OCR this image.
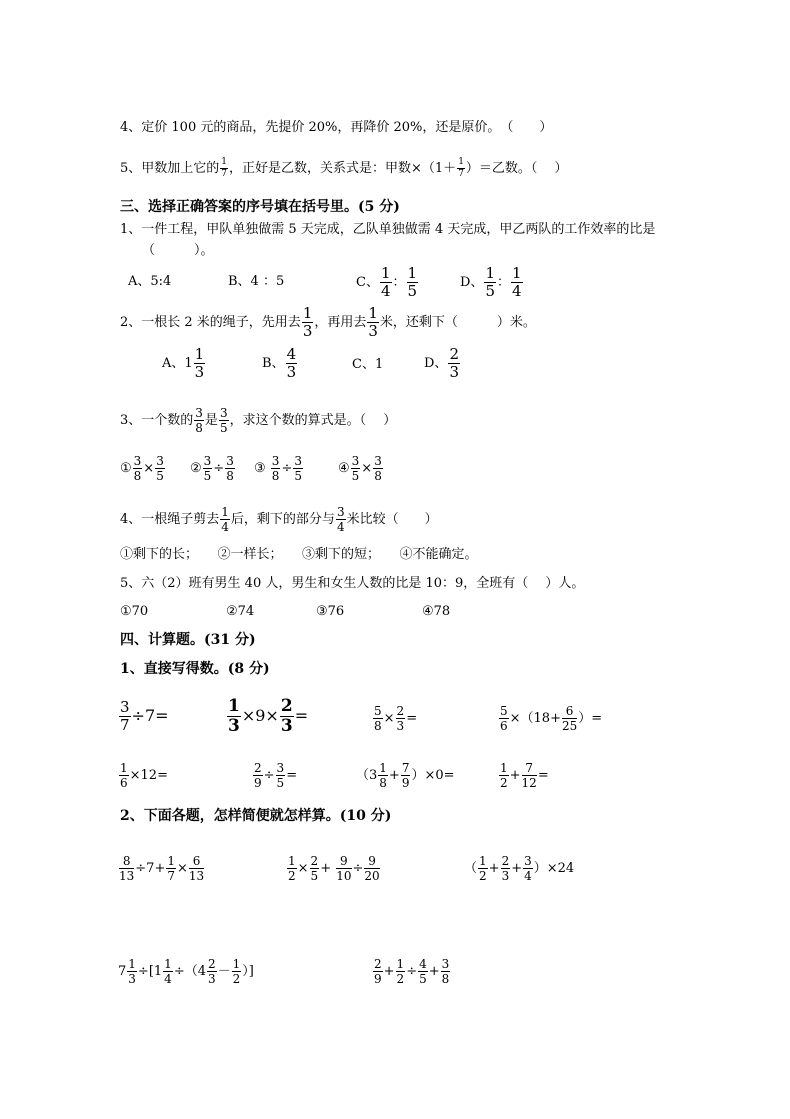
4、定价 100 元的商品，先提价 20%，再降价 20%，还是原价。　（　　）
5、甲数加上它的 $\frac{1}{7}$ ，正好是乙数，关系式是：甲数$\times(1+ \frac{1}{7}$ ）＝乙数。（　 ）
三、选择正确答案的序号填在括号里。(5 分)
1、一件工程，甲队单独做需 5 天完成，乙队单独做需 4 天完成，甲乙两队的工作效率的比是
（　　　）。
A、5:4	B、4 ：5	C、 $\frac{1}{4}$ ： $\frac{1}{5}$	D、 $\frac{1}{5}$ ： $\frac{1}{4}$
2、一根长 2 米的绳子，先用去 $\frac{1}{3}$ ，再用去 $\frac{1}{3}$ 米，还剩下（　　　）米。
A、$1 \frac{1}{3}$	B、 $\frac{4}{3}$	C、1	D、 $\frac{2}{3}$
3、一个数的 $\frac{3}{8}$ 是 $\frac{3}{5}$ ，求这个数的算式是。（　 ）
① $\frac{3}{8} \times \frac{3}{5}$ ② $\frac{3}{5} \div \frac{3}{8}$ ③ $\frac{3}{8} \div \frac{3}{5}$	④ $\frac{3}{5} \times \frac{3}{8}$
4、一根绳子剪去 $\frac{1}{4}$ 后，剩下的部分与 $\frac{3}{4}$ 米比较（　　）
①剩下的长；　　②一样长；　　③剩下的短；　　④不能确定。
5、六（2）班有男生 40 人，男生和女生人数的比是 10：9，全班有（　 ）人。
①70	②74	③76	④78
四、计算题。(31 分)
1、直接写得数。(8 分)
$\frac{3}{7} \div 7=$	$\frac{1}{3} \times 9\times \frac{2}{3}$ =	$\frac{5}{8} \times \frac{2}{3}$ =	$\frac{5}{6} \times(18+ \frac{6}{25}$ ）=
$\frac{1}{6} \times 12=$	$\frac{2}{9} \div \frac{3}{5}$ =	$(3 \frac{1}{8} + \frac{7}{9} )\times 0=$	$\frac{1}{2} + \frac{7}{12}$ =
2、下面各题，怎样简便就怎样算。(10 分)
$\frac{8}{13} \div 7+ \frac{1}{7} \times \frac{6}{13}$	$\frac{1}{2} \times \frac{2}{5} + \frac{9}{10} \div \frac{9}{20}$	（ $\frac{1}{2} + \frac{2}{3} + \frac{3}{4} )\times 24$
$7 \frac{1}{3} \div[1 \frac{1}{4} \div(4 \frac{2}{3} - \frac{1}{2}$ ）]	$\frac{2}{9} + \frac{1}{2} \div \frac{4}{5} + \frac{3}{8}$
